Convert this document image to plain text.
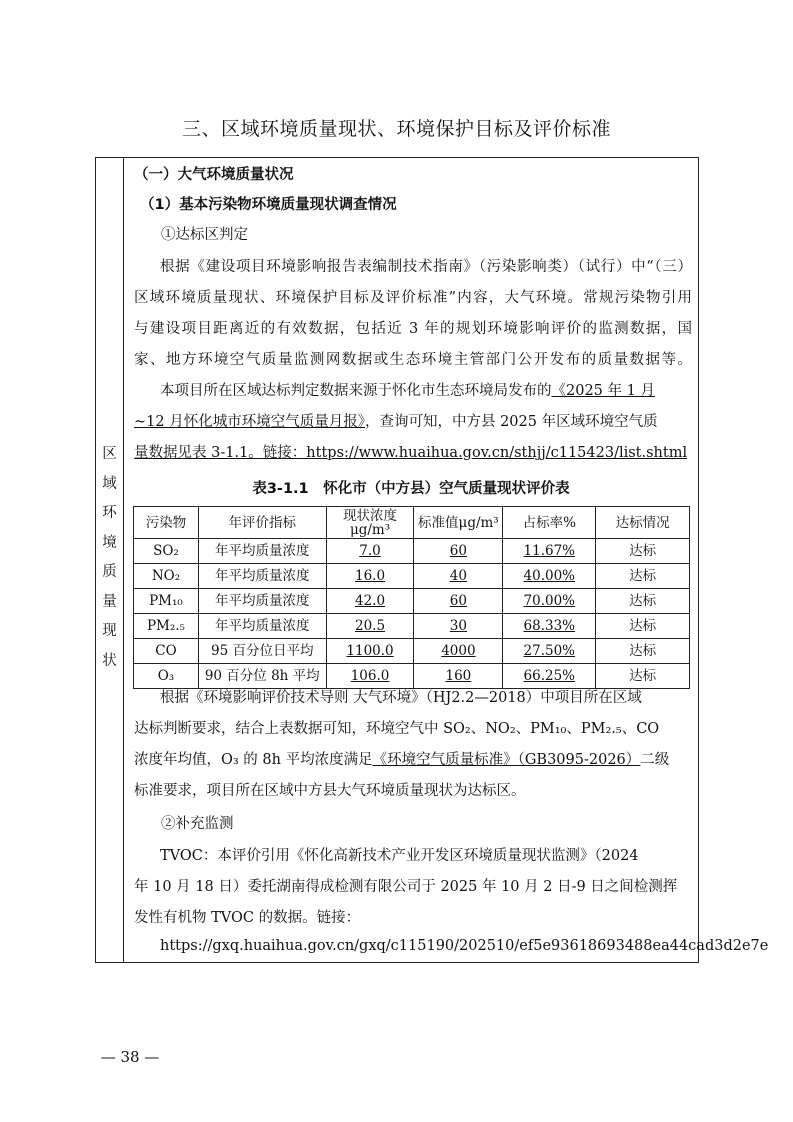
三、区域环境质量现状、环境保护目标及评价标准
区
域
环
境
质
量
现
状
（一）大气环境质量状况
（1）基本污染物环境质量现状调查情况
①达标区判定
根据《建设项目环境影响报告表编制技术指南》（污染影响类）（试行）中“（三）
区域环境质量现状、环境保护目标及评价标准”内容，大气环境。常规污染物引用
与建设项目距离近的有效数据，包括近 3 年的规划环境影响评价的监测数据，国
家、地方环境空气质量监测网数据或生态环境主管部门公开发布的质量数据等。
本项目所在区域达标判定数据来源于怀化市生态环境局发布的《2025 年 1 月
~12 月怀化城市环境空气质量月报》，查询可知，中方县 2025 年区域环境空气质
量数据见表 3-1.1。链接：https://www.huaihua.gov.cn/sthjj/c115423/list.shtml
表3-1.1　怀化市（中方县）空气质量现状评价表
污染物	年评价指标	现状浓度μg/m³	标准值μg/m³	占标率%	达标情况
SO₂	年平均质量浓度	7.0	60	11.67%	达标
NO₂	年平均质量浓度	16.0	40	40.00%	达标
PM₁₀	年平均质量浓度	42.0	60	70.00%	达标
PM₂.₅	年平均质量浓度	20.5	30	68.33%	达标
CO	95 百分位日平均	1100.0	4000	27.50%	达标
O₃	90 百分位 8h 平均	106.0	160	66.25%	达标
根据《环境影响评价技术导则 大气环境》（HJ2.2—2018）中项目所在区域
达标判断要求，结合上表数据可知，环境空气中 SO₂、NO₂、PM₁₀、PM₂.₅、CO
浓度年均值，O₃ 的 8h 平均浓度满足《环境空气质量标准》（GB3095-2026）二级
标准要求，项目所在区域中方县大气环境质量现状为达标区。
②补充监测
TVOC：本评价引用《怀化高新技术产业开发区环境质量现状监测》（2024
年 10 月 18 日）委托湖南得成检测有限公司于 2025 年 10 月 2 日-9 日之间检测挥
发性有机物 TVOC 的数据。链接：
https://gxq.huaihua.gov.cn/gxq/c115190/202510/ef5e93618693488ea44cad3d2e7e
— 38 —
